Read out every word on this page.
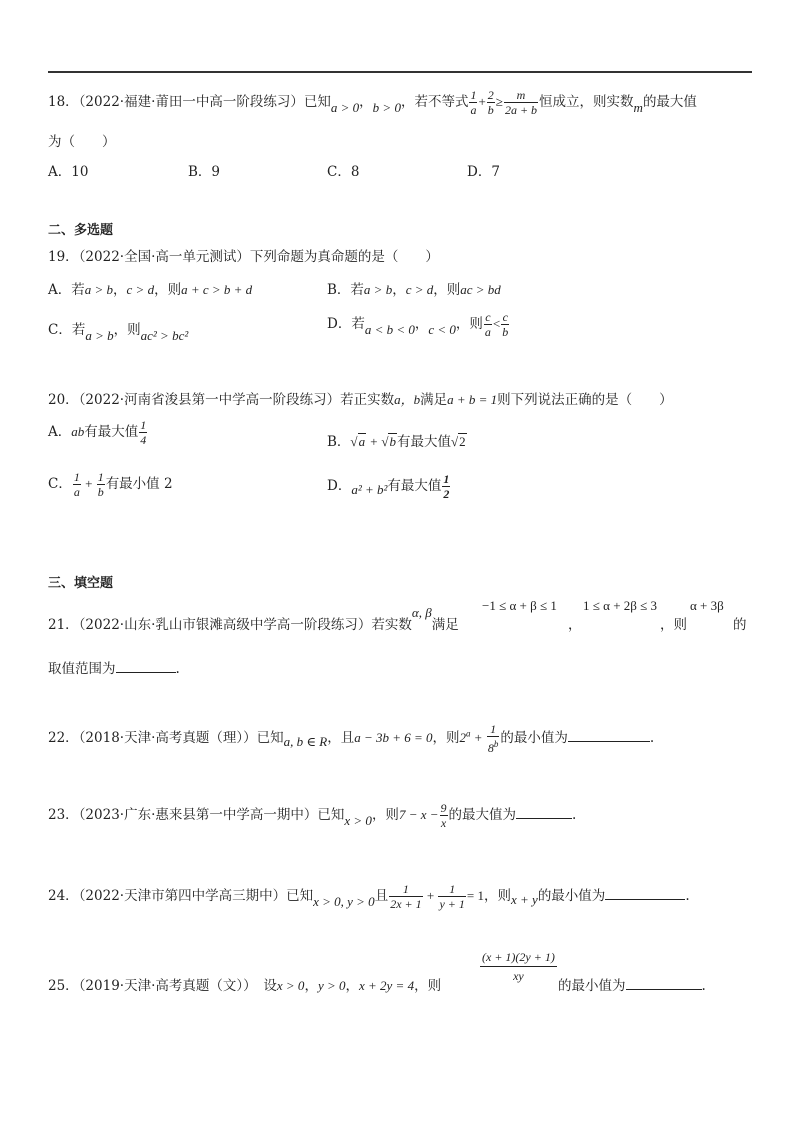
18．（2022·福建·莆田一中高一阶段练习）已知a > 0，b > 0，若不等式 $\frac{1}{a} + \frac{2}{b} \ge \frac{m}{2a + b}$ 恒成立，则实数m的最大值
为（　　）
A．10	B．9	C．8	D．7
二、多选题
19．（2022·全国·高一单元测试）下列命题为真命题的是（　　）
A．若a > b，c > d，则a + c > b + d	B．若a > b，c > d，则ac > bd
C．若a > b，则ac² > bc²
D．若a < b < 0，c < 0，则 $\frac{c}{a} < \frac{c}{b}$
20．（2022·河南省浚县第一中学高一阶段练习）若正实数a，b满足a + b = 1则下列说法正确的是（　　）
A．ab有最大值 $\frac{1}{4}$	B．√a + √b有最大值√2
C． $\frac{1}{a} + \frac{1}{b}$ 有最小值 2	D．a² + b²有最大值 $\frac{1}{2}$
三、填空题
21．（2022·山东·乳山市银滩高级中学高一阶段练习）若实数α, β满足
−1 ≤ α + β ≤ 1
，
1 ≤ α + 2β ≤ 3
，则
α + 3β
的
取值范围为	.
22．（2018·天津·高考真题（理））已知a, b ∈ R，且a − 3b + 6 = 0，则$2^a + \frac{1}{8^b}$ 的最小值为	.
23．（2023·广东·惠来县第一中学高一期中）已知x > 0，则$7 - x - \frac{9}{x}$ 的最大值为	.
24．（2022·天津市第四中学高三期中）已知x > 0, y > 0且 $\frac{1}{2x + 1} + \frac{1}{y + 1} = 1$，则x + y的最小值为	.
25．（2019·天津·高考真题（文））　设x > 0，y > 0，x + 2y = 4，则
$\frac{(x + 1)(2y + 1)}{xy}$
的最小值为	.
